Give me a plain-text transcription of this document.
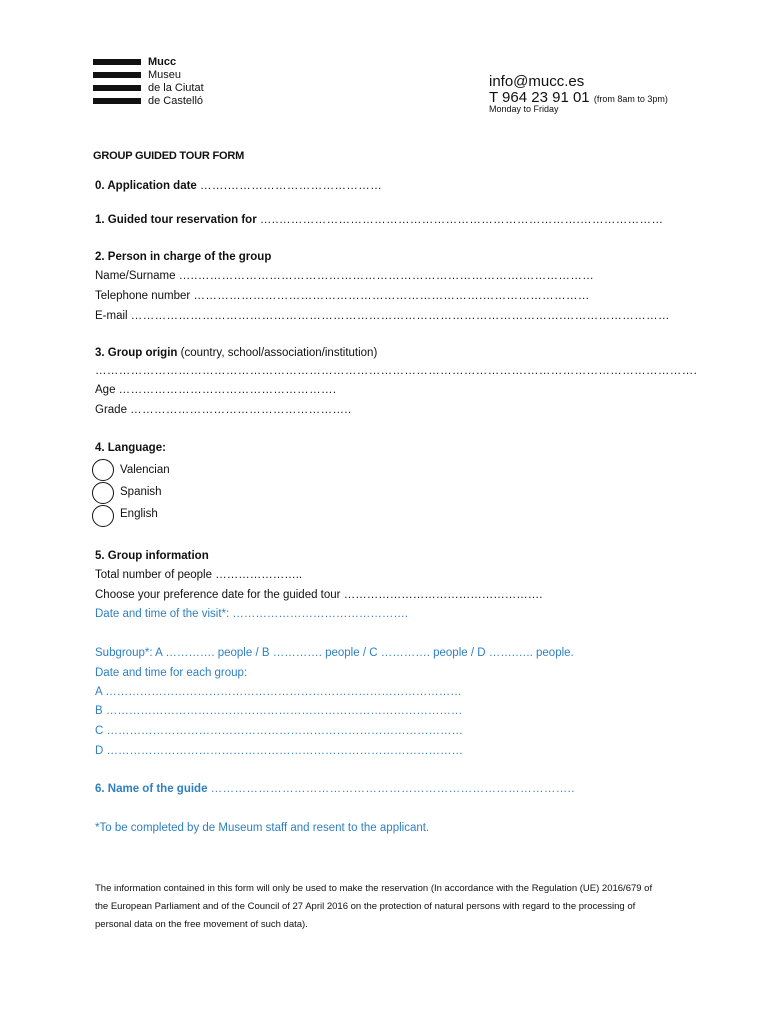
Mucc
Museu
de la Ciutat
de Castelló
info@mucc.es
T 964 23 91 01 (from 8am to 3pm)
Monday to Friday
GROUP GUIDED TOUR FORM
0. Application date …….…………………………………
1. Guided tour reservation for …..………………………………………………………………….…………………
2. Person in charge of the group
Name/Surname …..……………………………………………………………………….………………
Telephone number ……………………………………………………………….………………………
E-mail ……………………………………………………………………………………………….………………………
3. Group origin (country, school/association/institution)
……………………………………………………………………………………………….…………………………………….
Age ……………………………………………….
Grade ………………………………………………..
4. Language:
Valencian
Spanish
English
5. Group information
Total number of people …………………..
Choose your preference date for the guided tour …………………………………………….
Date and time of the visit*: ……………………………………….
Subgroup*: A …………. people / B …………. people / C …………. people / D …….….. people.
Date and time for each group:
A …………………………………………………………………………………
B …………………………………………………………………………………
C …………………………………………………………………………………
D …………………………………………………………………………………
6. Name of the guide ………………………………………………………………………………..
*To be completed by de Museum staff and resent to the applicant.
The information contained in this form will only be used to make the reservation (In accordance with the Regulation (UE) 2016/679 of the European Parliament and of the Council of 27 April 2016 on the protection of natural persons with regard to the processing of personal data on the free movement of such data).
